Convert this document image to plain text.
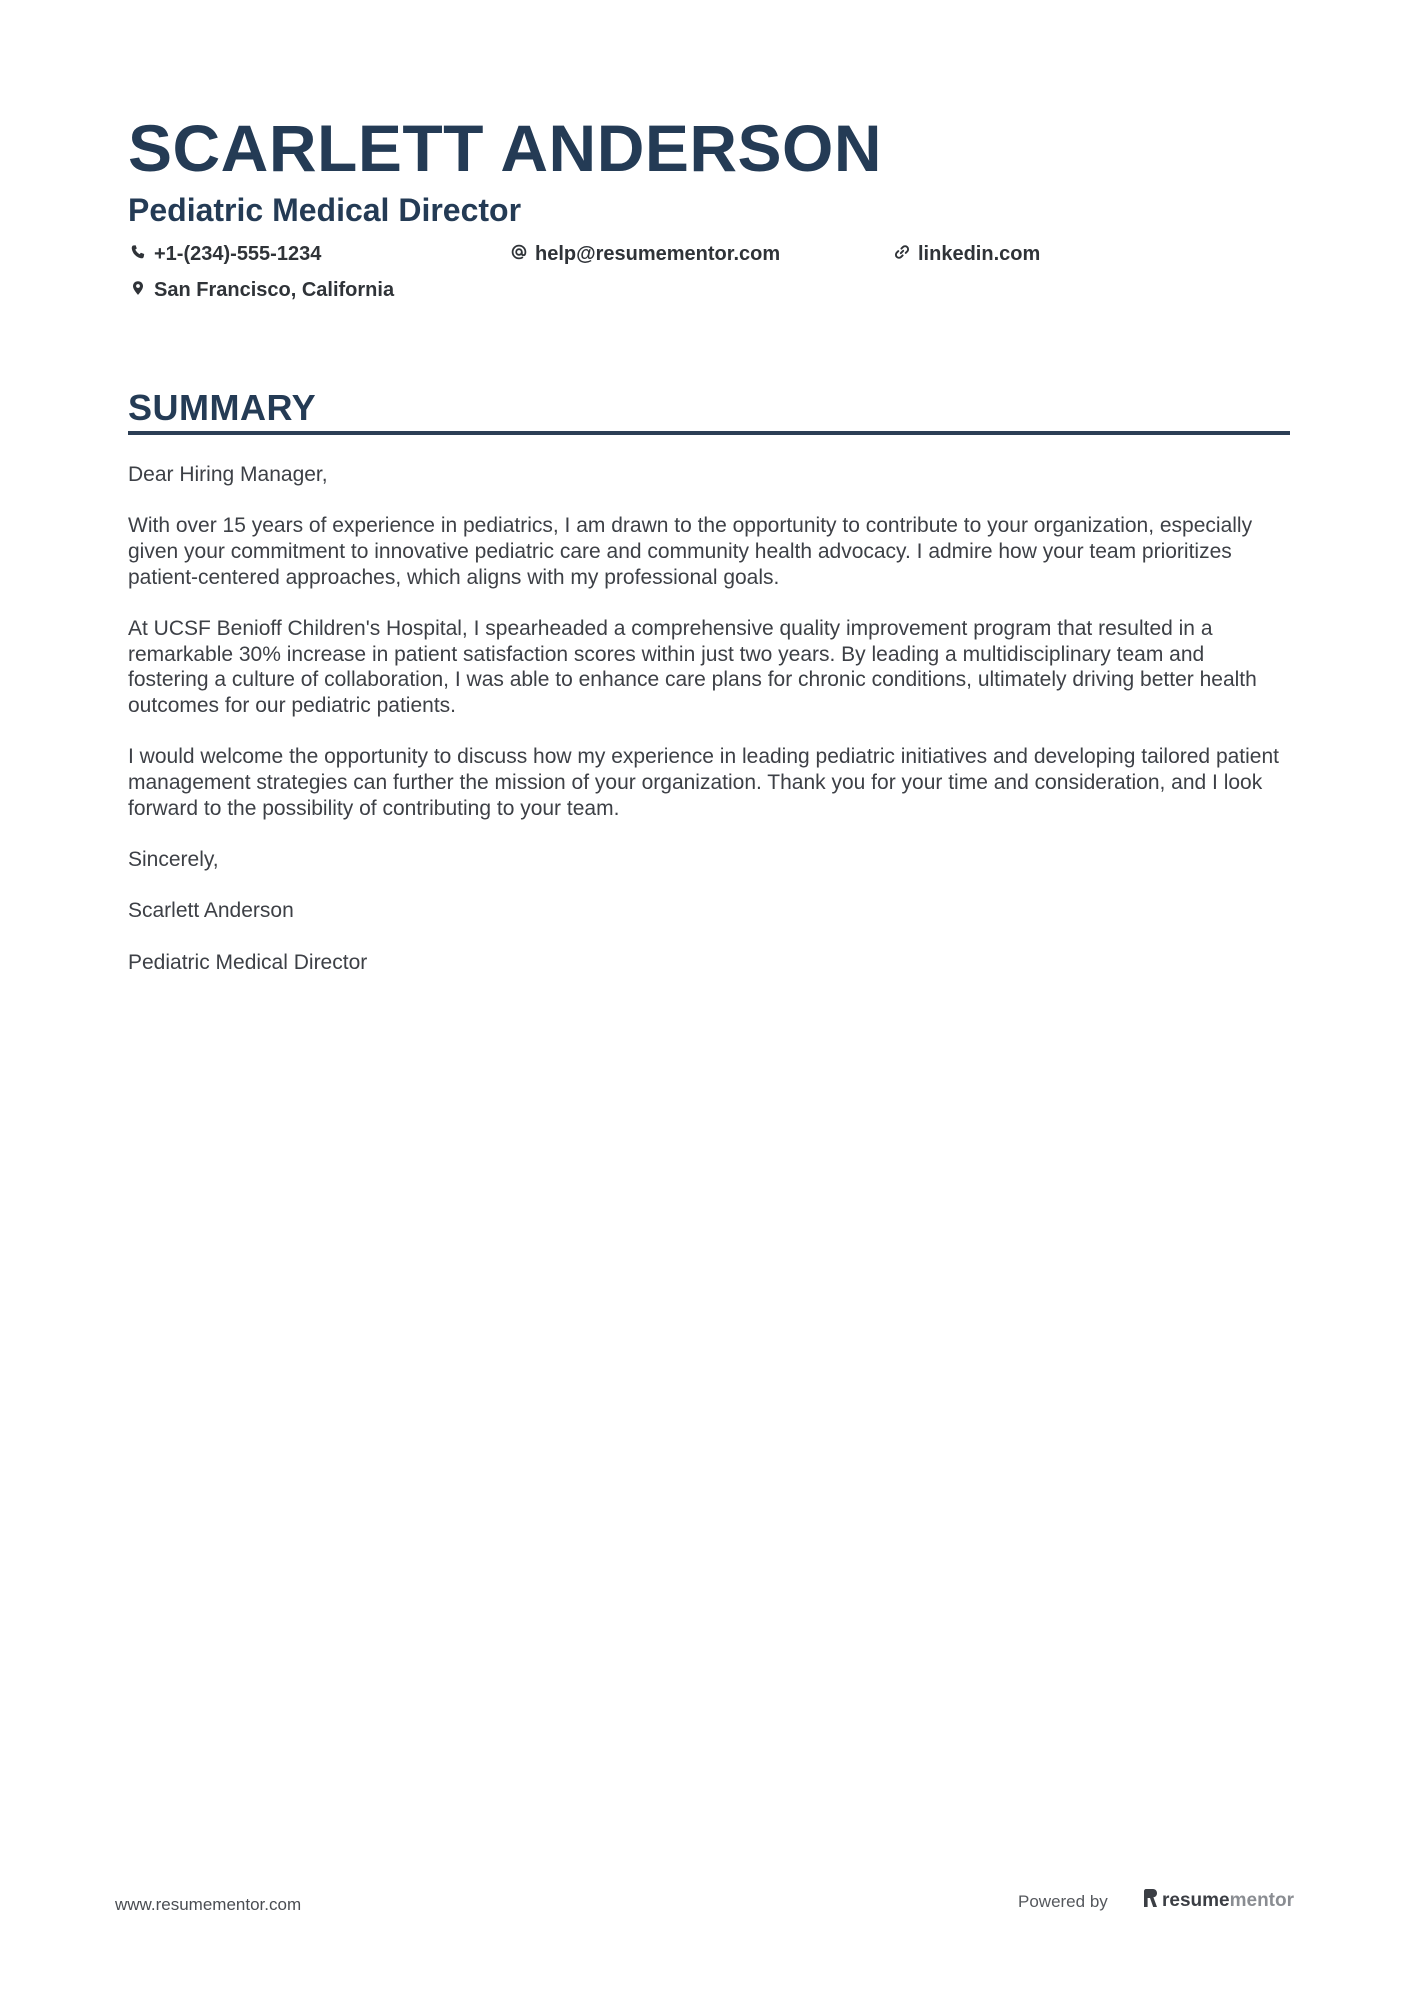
SCARLETT ANDERSON
Pediatric Medical Director
+1-(234)-555-1234	help@resumementor.com	linkedin.com
San Francisco, California
SUMMARY

Dear Hiring Manager,

With over 15 years of experience in pediatrics, I am drawn to the opportunity to contribute to your organization, especially given your commitment to innovative pediatric care and community health advocacy. I admire how your team prioritizes patient-centered approaches, which aligns with my professional goals.

At UCSF Benioff Children's Hospital, I spearheaded a comprehensive quality improvement program that resulted in a remarkable 30% increase in patient satisfaction scores within just two years. By leading a multidisciplinary team and fostering a culture of collaboration, I was able to enhance care plans for chronic conditions, ultimately driving better health outcomes for our pediatric patients.

I would welcome the opportunity to discuss how my experience in leading pediatric initiatives and developing tailored patient management strategies can further the mission of your organization. Thank you for your time and consideration, and I look forward to the possibility of contributing to your team.

Sincerely,

Scarlett Anderson

Pediatric Medical Director

www.resumementor.com	Powered by	resume mentor
